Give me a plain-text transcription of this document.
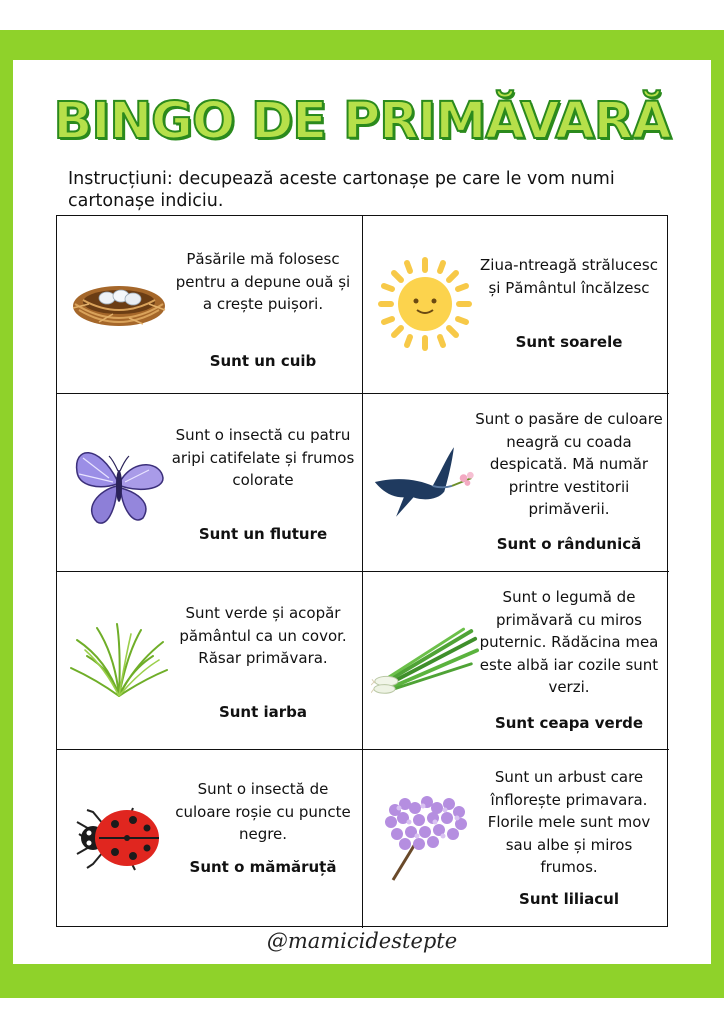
BINGO DE PRIMĂVARĂ
Instrucțiuni: decupează aceste cartonașe pe care le vom numi cartonașe indiciu.
Păsările mă folosesc pentru a depune ouă și a crește puișori.
Sunt un cuib
Ziua-ntreagă strălucesc și Pământul încălzesc
Sunt soarele
Sunt o insectă cu patru aripi catifelate și frumos colorate
Sunt un fluture
Sunt o pasăre de culoare neagră cu coada despicată. Mă număr printre vestitorii primăverii.
Sunt o rândunică
Sunt verde și acopăr pământul ca un covor. Răsar primăvara.
Sunt iarba
Sunt o legumă de primăvară cu miros puternic. Rădăcina mea este albă iar cozile sunt verzi.
Sunt ceapa verde
Sunt o insectă de culoare roșie cu puncte negre.
Sunt o mămăruță
Sunt un arbust care înflorește primavara. Florile mele sunt mov sau albe și miros frumos.
Sunt liliacul
@mamicidestepte
